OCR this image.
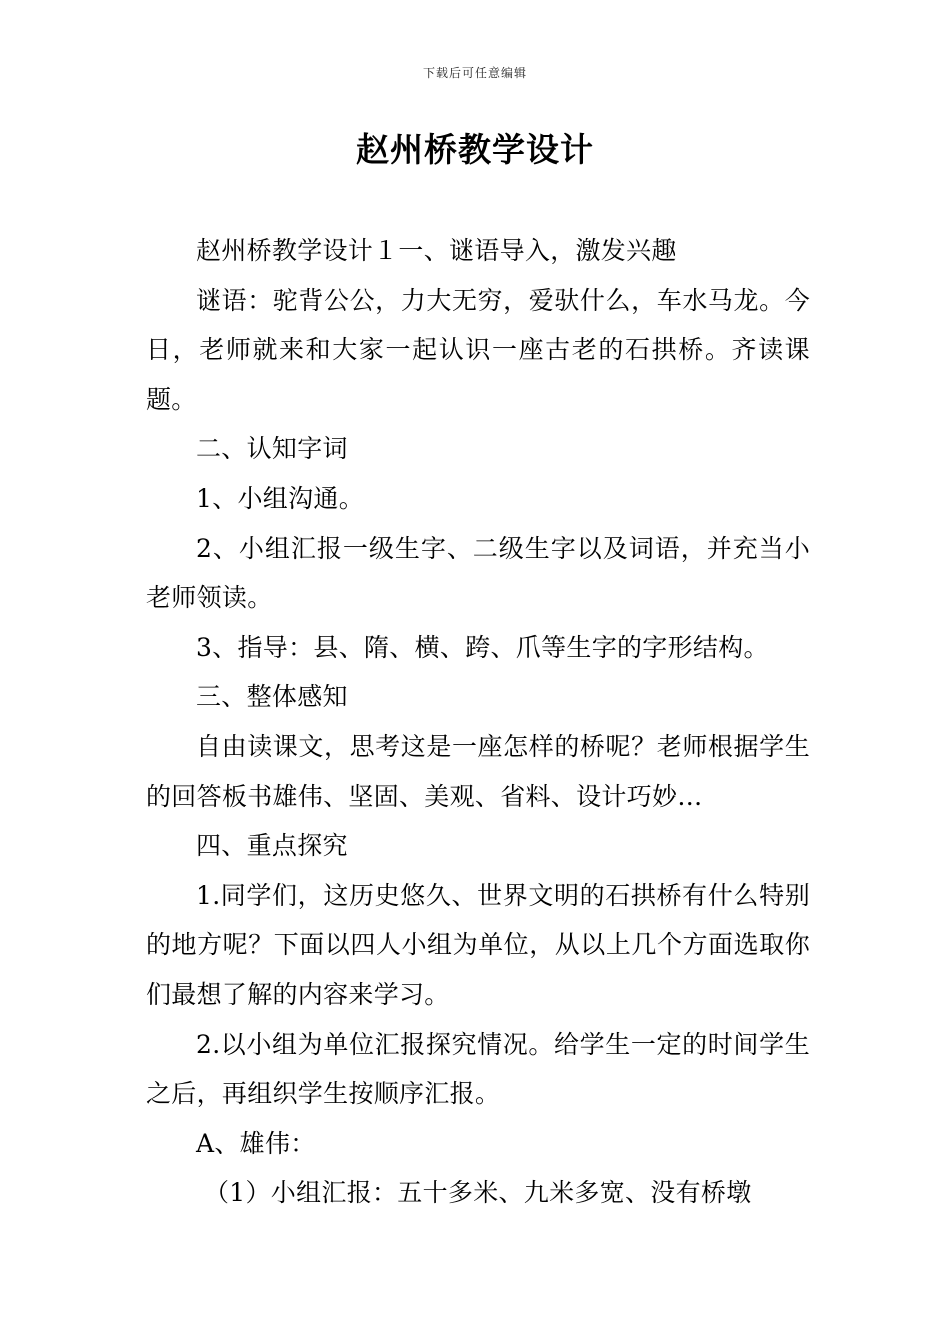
下载后可任意编辑
赵州桥教学设计

赵州桥教学设计１一、谜语导入，激发兴趣

谜语：驼背公公，力大无穷，爱驮什么，车水马龙。今日，老师就来和大家一起认识一座古老的石拱桥。齐读课题。

二、认知字词

1、小组沟通。

2、小组汇报一级生字、二级生字以及词语，并充当小老师领读。

3、指导：县、隋、横、跨、爪等生字的字形结构。

三、整体感知

自由读课文，思考这是一座怎样的桥呢？老师根据学生的回答板书雄伟、坚固、美观、省料、设计巧妙…

四、重点探究

1.同学们，这历史悠久、世界文明的石拱桥有什么特别的地方呢？下面以四人小组为单位，从以上几个方面选取你们最想了解的内容来学习。

2.以小组为单位汇报探究情况。给学生一定的时间学生之后，再组织学生按顺序汇报。

A、雄伟：

（1）小组汇报：五十多米、九米多宽、没有桥墩
